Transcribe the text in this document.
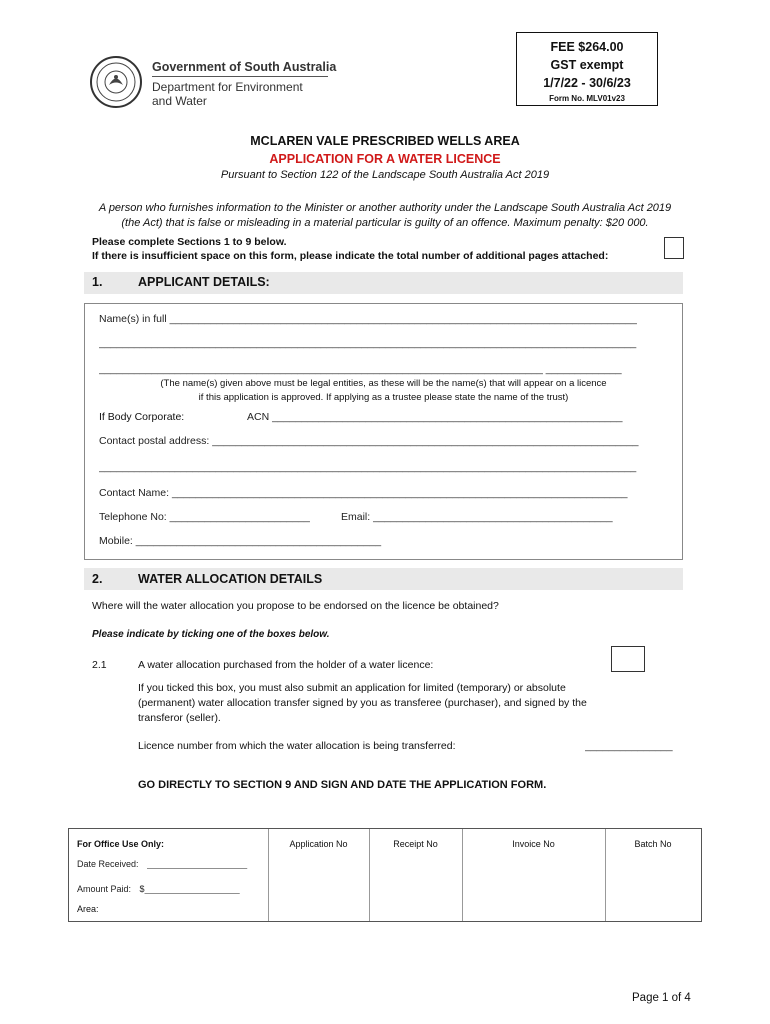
Government of South Australia
Department for Environment
and Water
FEE $264.00
GST exempt
1/7/22 - 30/6/23
Form No. MLV01v23
MCLAREN VALE PRESCRIBED WELLS AREA
APPLICATION FOR A WATER LICENCE
Pursuant to Section 122 of the Landscape South Australia Act 2019
A person who furnishes information to the Minister or another authority under the Landscape South Australia Act 2019
(the Act) that is false or misleading in a material particular is guilty of an offence. Maximum penalty: $20 000.
Please complete Sections 1 to 9 below.
If there is insufficient space on this form, please indicate the total number of additional pages attached:
1.	APPLICANT DETAILS:
Name(s) in full ________________________________________________________________________________
____________________________________________________________________________________________
____________________________________________________________________________ _____________
(The name(s) given above must be legal entities, as these will be the name(s) that will appear on a licence
if this application is approved. If applying as a trustee please state the name of the trust)
If Body Corporate:	ACN ____________________________________________________________
Contact postal address: _________________________________________________________________________
____________________________________________________________________________________________
Contact Name: ______________________________________________________________________________
Telephone No: ________________________	Email: _________________________________________
Mobile: __________________________________________
2.	WATER ALLOCATION DETAILS
Where will the water allocation you propose to be endorsed on the licence be obtained?
Please indicate by ticking one of the boxes below.
2.1	A water allocation purchased from the holder of a water licence:
If you ticked this box, you must also submit an application for limited (temporary) or absolute
(permanent) water allocation transfer signed by you as transferee (purchaser), and signed by the
transferor (seller).
Licence number from which the water allocation is being transferred:	_______________
GO DIRECTLY TO SECTION 9 AND SIGN AND DATE THE APPLICATION FORM.
For Office Use Only:
Date Received: ____________________
Amount Paid: $___________________
Area:
Application No	Receipt No	Invoice No	Batch No
Page 1 of 4
